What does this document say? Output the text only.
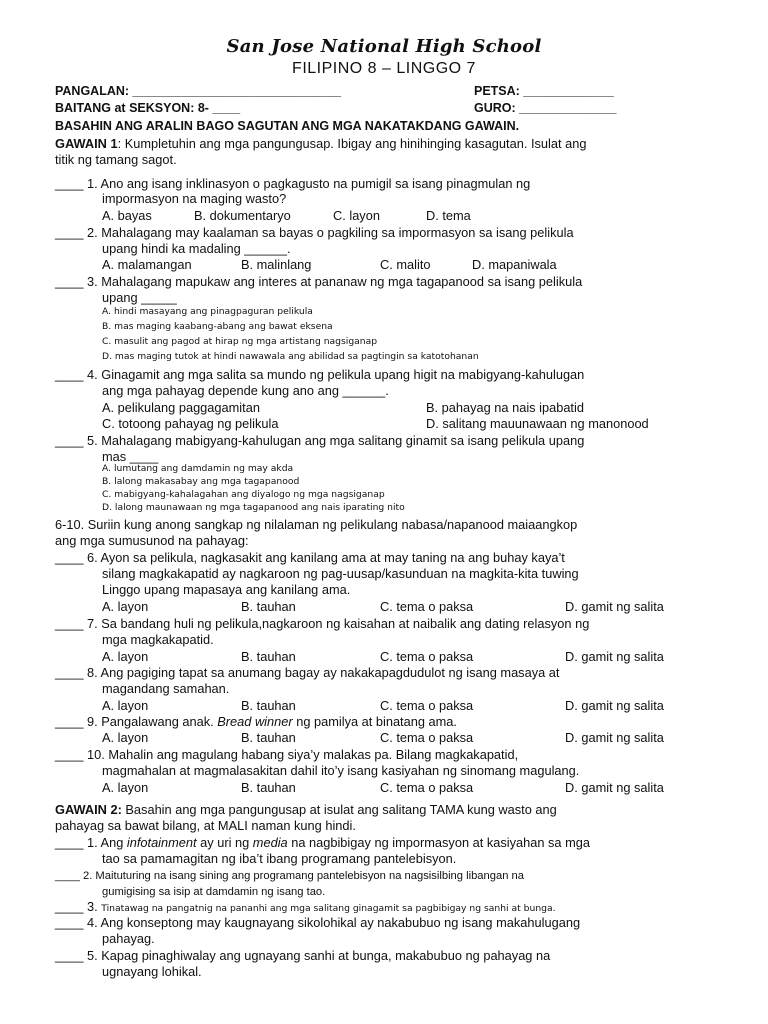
San Jose National High School
FILIPINO 8 – LINGGO 7
PANGALAN: ______________________________	PETSA: _____________
BAITANG at SEKSYON: 8- ____	GURO: ______________
BASAHIN ANG ARALIN BAGO SAGUTAN ANG MGA NAKATAKDANG GAWAIN.
GAWAIN 1: Kumpletuhin ang mga pangungusap. Ibigay ang hinihinging kasagutan. Isulat ang
titik ng tamang sagot.
____ 1. Ano ang isang inklinasyon o pagkagusto na pumigil sa isang pinagmulan ng
impormasyon na maging wasto?
A. bayas	B. dokumentaryo	C. layon	D. tema
____ 2. Mahalagang may kaalaman sa bayas o pagkiling sa impormasyon sa isang pelikula
upang hindi ka madaling ______.
A. malamangan	B. malinlang	C. malito	D. mapaniwala
____ 3. Mahalagang mapukaw ang interes at pananaw ng mga tagapanood sa isang pelikula
upang _____
A. hindi masayang ang pinagpaguran pelikula
B. mas maging kaabang-abang ang bawat eksena
C. masulit ang pagod at hirap ng mga artistang nagsiganap
D. mas maging tutok at hindi nawawala ang abilidad sa pagtingin sa katotohanan
____ 4. Ginagamit ang mga salita sa mundo ng pelikula upang higit na mabigyang-kahulugan
ang mga pahayag depende kung ano ang ______.
A. pelikulang paggagamitan	B. pahayag na nais ipabatid
C. totoong pahayag ng pelikula	D. salitang mauunawaan ng manonood
____ 5. Mahalagang mabigyang-kahulugan ang mga salitang ginamit sa isang pelikula upang
mas ____
A. lumutang ang damdamin ng may akda
B. lalong makasabay ang mga tagapanood
C. mabigyang-kahalagahan ang diyalogo ng mga nagsiganap
D. lalong maunawaan ng mga tagapanood ang nais iparating nito
6-10. Suriin kung anong sangkap ng nilalaman ng pelikulang nabasa/napanood maiaangkop
ang mga sumusunod na pahayag:
____ 6. Ayon sa pelikula, nagkasakit ang kanilang ama at may taning na ang buhay kaya’t
silang magkakapatid ay nagkaroon ng pag-uusap/kasunduan na magkita-kita tuwing
Linggo upang mapasaya ang kanilang ama.
A. layon	B. tauhan	C. tema o paksa	D. gamit ng salita
____ 7. Sa bandang huli ng pelikula,nagkaroon ng kaisahan at naibalik ang dating relasyon ng
mga magkakapatid.
A. layon	B. tauhan	C. tema o paksa	D. gamit ng salita
____ 8. Ang pagiging tapat sa anumang bagay ay nakakapagdudulot ng isang masaya at
magandang samahan.
A. layon	B. tauhan	C. tema o paksa	D. gamit ng salita
____ 9. Pangalawang anak. Bread winner ng pamilya at binatang ama.
A. layon	B. tauhan	C. tema o paksa	D. gamit ng salita
____ 10. Mahalin ang magulang habang siya’y malakas pa. Bilang magkakapatid,
magmahalan at magmalasakitan dahil ito’y isang kasiyahan ng sinomang magulang.
A. layon	B. tauhan	C. tema o paksa	D. gamit ng salita
GAWAIN 2: Basahin ang mga pangungusap at isulat ang salitang TAMA kung wasto ang
pahayag sa bawat bilang, at MALI naman kung hindi.
____ 1. Ang infotainment ay uri ng media na nagbibigay ng impormasyon at kasiyahan sa mga
tao sa pamamagitan ng iba’t ibang programang pantelebisyon.
____ 2. Maituturing na isang sining ang programang pantelebisyon na nagsisilbing libangan na
gumigising sa isip at damdamin ng isang tao.
____ 3. Tinatawag na pangatnig na pananhi ang mga salitang ginagamit sa pagbibigay ng sanhi at bunga.
____ 4. Ang konseptong may kaugnayang sikolohikal ay nakabubuo ng isang makahulugang
pahayag.
____ 5. Kapag pinaghiwalay ang ugnayang sanhi at bunga, makabubuo ng pahayag na
ugnayang lohikal.
